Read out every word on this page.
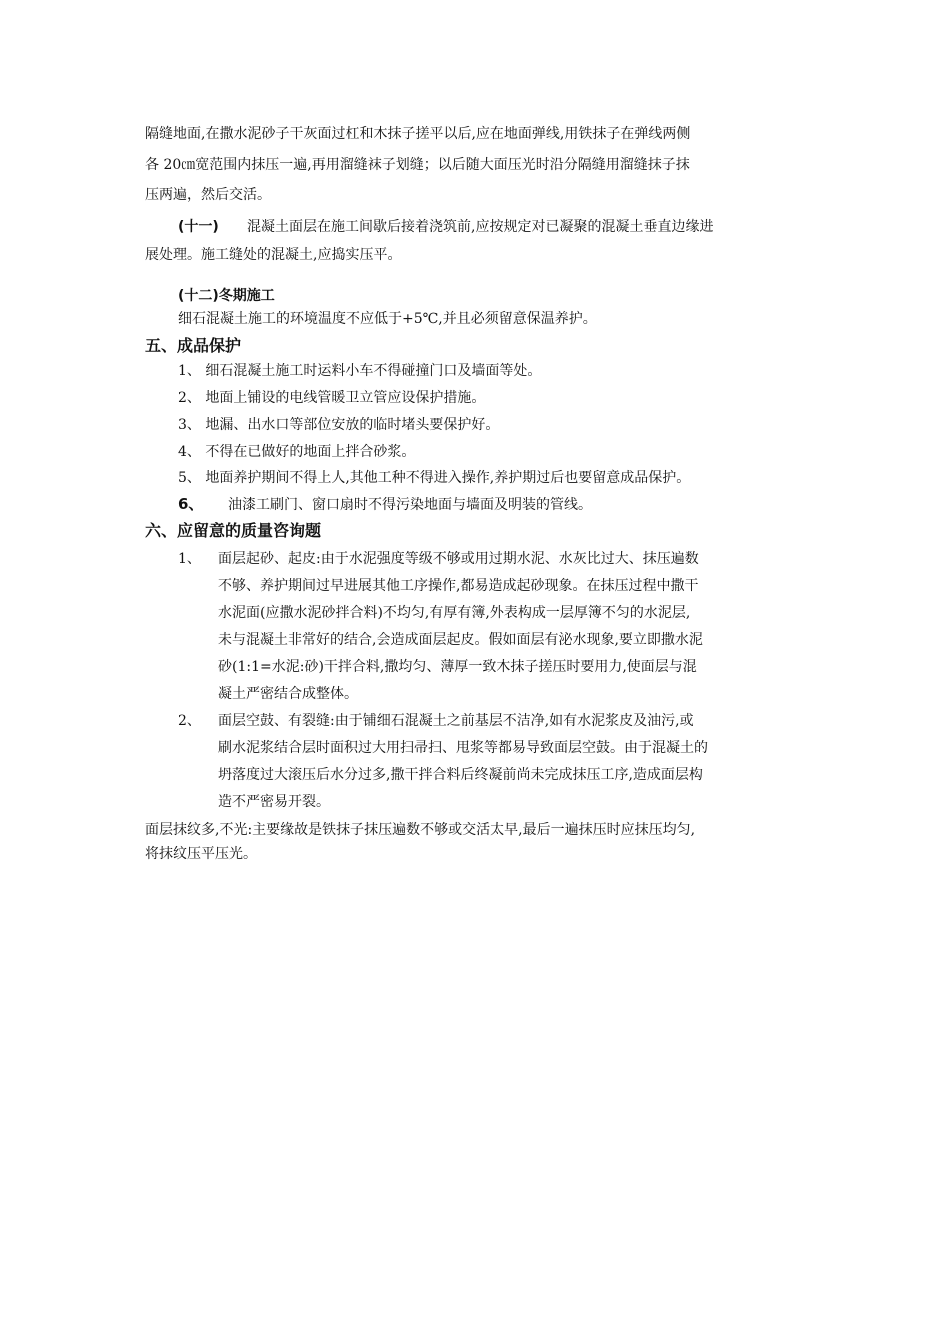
隔缝地面,在撒水泥砂子干灰面过杠和木抹子搓平以后,应在地面弹线,用铁抹子在弹线两侧

各 20㎝宽范围内抹压一遍,再用溜缝袜子划缝；以后随大面压光时沿分隔缝用溜缝抹子抹

压两遍，然后交活。

(十一) 混凝土面层在施工间歇后接着浇筑前,应按规定对已凝聚的混凝土垂直边缘进

展处理。施工缝处的混凝土,应捣实压平。

(十二)冬期施工

细石混凝土施工的环境温度不应低于+5℃,并且必须留意保温养护。

五、成品保护

1、 细石混凝土施工时运料小车不得碰撞门口及墙面等处。

2、 地面上铺设的电线管暖卫立管应设保护措施。

3、 地漏、出水口等部位安放的临时堵头要保护好。

4、 不得在已做好的地面上拌合砂浆。

5、 地面养护期间不得上人,其他工种不得进入操作,养护期过后也要留意成品保护。

6、 油漆工刷门、窗口扇时不得污染地面与墙面及明装的管线。

六、应留意的质量咨询题

1、 面层起砂、起皮:由于水泥强度等级不够或用过期水泥、水灰比过大、抹压遍数

不够、养护期间过早进展其他工序操作,都易造成起砂现象。在抹压过程中撒干

水泥面(应撒水泥砂拌合料)不均匀,有厚有簿,外表构成一层厚簿不匀的水泥层,

未与混凝土非常好的结合,会造成面层起皮。假如面层有泌水现象,要立即撒水泥

砂(1:1=水泥:砂)干拌合料,撒均匀、薄厚一致木抹子搓压时要用力,使面层与混

凝土严密结合成整体。

2、 面层空鼓、有裂缝:由于铺细石混凝土之前基层不洁净,如有水泥浆皮及油污,或

刷水泥浆结合层时面积过大用扫帚扫、甩浆等都易导致面层空鼓。由于混凝土的

坍落度过大滚压后水分过多,撒干拌合料后终凝前尚未完成抹压工序,造成面层构

造不严密易开裂。

面层抹纹多,不光:主要缘故是铁抹子抹压遍数不够或交活太早,最后一遍抹压时应抹压均匀,

将抹纹压平压光。
